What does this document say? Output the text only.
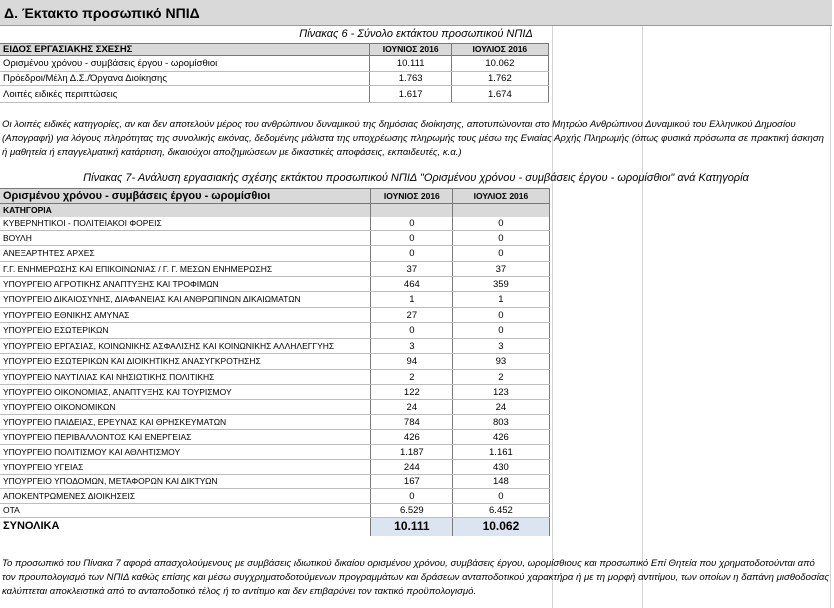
Δ. Έκτακτο προσωπικό ΝΠΙΔ
Πίνακας 6 - Σύνολο εκτάκτου προσωπικού ΝΠΙΔ
ΕΙΔΟΣ ΕΡΓΑΣΙΑΚΗΣ ΣΧΕΣΗΣ	ΙΟΥΝΙΟΣ 2016	ΙΟΥΛΙΟΣ 2016		
Ορισμένου χρόνου - συμβάσεις έργου - ωρομίσθιοι	10.111	10.062		
Πρόεδροι/Μέλη Δ.Σ./Όργανα Διοίκησης	1.763	1.762		
Λοιπές ειδικές περιπτώσεις	1.617	1.674		
Οι λοιπές ειδικές κατηγορίες, αν και δεν αποτελούν μέρος του ανθρώπινου δυναμικού της δημόσιας διοίκησης, αποτυπώνονται στο Μητρώο Ανθρώπινου Δυναμικού του Ελληνικού Δημοσίου (Απογραφή) για λόγους πληρότητας της συνολικής εικόνας, δεδομένης μάλιστα της υποχρέωσης πληρωμής τους μέσω της Ενιαίας Αρχής Πληρωμής (όπως φυσικά πρόσωπα σε πρακτική άσκηση ή μαθητεία ή επαγγελματική κατάρτιση, δικαιούχοι αποζημιώσεων με δικαστικές αποφάσεις, εκπαιδευτές, κ.α.)
Πίνακας 7- Ανάλυση εργασιακής σχέσης εκτάκτου προσωπικού ΝΠΙΔ "Ορισμένου χρόνου - συμβάσεις έργου - ωρομίσθιοι" ανά Κατηγορία
Ορισμένου χρόνου - συμβάσεις έργου - ωρομίσθιοι	ΙΟΥΝΙΟΣ 2016	ΙΟΥΛΙΟΣ 2016		
ΚΑΤΗΓΟΡΙΑ				
ΚΥΒΕΡΝΗΤΙΚΟΙ - ΠΟΛΙΤΕΙΑΚΟΙ ΦΟΡΕΙΣ	0	0		
ΒΟΥΛΗ	0	0		
ΑΝΕΞΑΡΤΗΤΕΣ ΑΡΧΕΣ	0	0		
Γ.Γ. ΕΝΗΜΕΡΩΣΗΣ ΚΑΙ ΕΠΙΚΟΙΝΩΝΙΑΣ / Γ. Γ. ΜΕΣΩΝ ΕΝΗΜΕΡΩΣΗΣ	37	37		
ΥΠΟΥΡΓΕΙΟ ΑΓΡΟΤΙΚΗΣ ΑΝΑΠΤΥΞΗΣ ΚΑΙ ΤΡΟΦΙΜΩΝ	464	359		
ΥΠΟΥΡΓΕΙΟ ΔΙΚΑΙΟΣΥΝΗΣ, ΔΙΑΦΑΝΕΙΑΣ ΚΑΙ ΑΝΘΡΩΠΙΝΩΝ ΔΙΚΑΙΩΜΑΤΩΝ	1	1		
ΥΠΟΥΡΓΕΙΟ ΕΘΝΙΚΗΣ ΑΜΥΝΑΣ	27	0		
ΥΠΟΥΡΓΕΙΟ ΕΣΩΤΕΡΙΚΩΝ	0	0		
ΥΠΟΥΡΓΕΙΟ ΕΡΓΑΣΙΑΣ, ΚΟΙΝΩΝΙΚΗΣ ΑΣΦΑΛΙΣΗΣ ΚΑΙ ΚΟΙΝΩΝΙΚΗΣ ΑΛΛΗΛΕΓΓΥΗΣ	3	3		
ΥΠΟΥΡΓΕΙΟ ΕΣΩΤΕΡΙΚΩΝ ΚΑΙ ΔΙΟΙΚΗΤΙΚΗΣ ΑΝΑΣΥΓΚΡΟΤΗΣΗΣ	94	93		
ΥΠΟΥΡΓΕΙΟ ΝΑΥΤΙΛΙΑΣ ΚΑΙ ΝΗΣΙΩΤΙΚΗΣ ΠΟΛΙΤΙΚΗΣ	2	2		
ΥΠΟΥΡΓΕΙΟ ΟΙΚΟΝΟΜΙΑΣ, ΑΝΑΠΤΥΞΗΣ ΚΑΙ ΤΟΥΡΙΣΜΟΥ	122	123		
ΥΠΟΥΡΓΕΙΟ ΟΙΚΟΝΟΜΙΚΩΝ	24	24		
ΥΠΟΥΡΓΕΙΟ ΠΑΙΔΕΙΑΣ, ΕΡΕΥΝΑΣ ΚΑΙ ΘΡΗΣΚΕΥΜΑΤΩΝ	784	803		
ΥΠΟΥΡΓΕΙΟ ΠΕΡΙΒΑΛΛΟΝΤΟΣ ΚΑΙ ΕΝΕΡΓΕΙΑΣ	426	426		
ΥΠΟΥΡΓΕΙΟ ΠΟΛΙΤΙΣΜΟΥ ΚΑΙ ΑΘΛΗΤΙΣΜΟΥ	1.187	1.161		
ΥΠΟΥΡΓΕΙΟ ΥΓΕΙΑΣ	244	430		
ΥΠΟΥΡΓΕΙΟ ΥΠΟΔΟΜΩΝ, ΜΕΤΑΦΟΡΩΝ ΚΑΙ ΔΙΚΤΥΩΝ	167	148		
ΑΠΟΚΕΝΤΡΩΜΕΝΕΣ ΔΙΟΙΚΗΣΕΙΣ	0	0		
ΟΤΑ	6.529	6.452		
ΣΥΝΟΛΙΚΑ	10.111	10.062		
Το προσωπικό του Πίνακα 7 αφορά απασχολούμενους με συμβάσεις ιδιωτικού δικαίου ορισμένου χρόνου, συμβάσεις έργου, ωρομίσθιους και προσωπικό Επί Θητεία που χρηματοδοτούνται από τον προυπολογισμό των ΝΠΙΔ καθώς επίσης και μέσω συγχρηματοδοτούμενων προγραμμάτων και δράσεων ανταποδοτικού χαρακτήρα ή με τη μορφή αντιτίμου, των οποίων η δαπάνη μισθοδοσίας καλύπτεται αποκλειστικά από το ανταποδοτικό τέλος ή το αντίτιμο και δεν επιβαρύνει τον τακτικό προϋπολογισμό.
